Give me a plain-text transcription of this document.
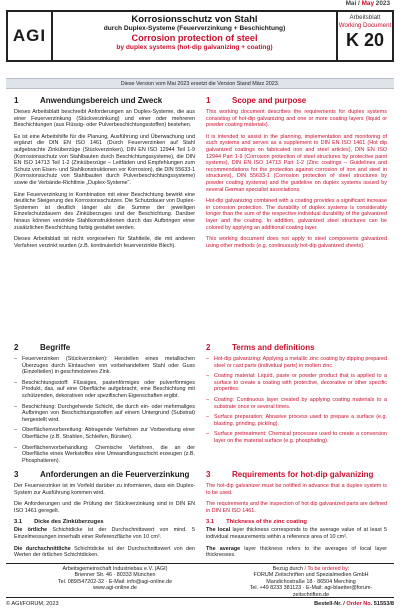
Mai / May 2023
AGI
Korrosionsschutz von Stahl
durch Duplex-Systeme (Feuerverzinkung + Beschichtung)
Corrosion protection of steel
by duplex systems (hot-dip galvanizing + coating)
Arbeitsblatt
Working Document
K 20
Diese Version vom Mai 2023 ersetzt die Version Stand März 2023.
1	Anwendungsbereich und Zweck	1	Scope and purpose

Dieses Arbeitsblatt beschreibt Anforderungen an Duplex-Systeme, die aus einer Feuerverzinkung (Stückverzinkung) und einer oder mehreren Beschichtungen (aus Flüssig- oder Pulverbeschichtungsstoffen) bestehen.

Es ist eine Arbeitshilfe für die Planung, Ausführung und Überwachung und ergänzt die DIN EN ISO 1461 (Durch Feuerverzinken auf Stahl aufgebrachte Zinküberzüge (Stückverzinken), DIN EN ISO 12944 Teil 1-9 (Korrosionsschutz von Stahlbauten durch Beschichtungssysteme), die DIN EN ISO 14713 Teil 1-2 (Zinküberzüge – Leitfäden und Empfehlungen zum Schutz von Eisen- und Stahlkonstruktionen vor Korrosion), die DIN 55633-1 (Korrosionsschutz von Stahlbauten durch Pulverbeschichtungssysteme) sowie die Verbände-Richtlinie „Duplex-Systeme“.

Eine Feuerverzinkung in Kombination mit einer Beschichtung bewirkt eine deutliche Steigerung des Korrosionsschutzes. Die Schutzdauer von Duplex-Systemen ist deutlich länger als die Summe der jeweiligen Einzelschutzdauern des Zinküberzuges und der Beschichtung. Darüber hinaus können verzinkte Stahlkonstruktionen durch das Aufbringen einer zusätzlichen Beschichtung farbig gestaltet werden.

Dieses Arbeitsblatt ist nicht vorgesehen für Stahlteile, die mit anderen Verfahren verzinkt wurden (z.B. kontinuierlich feuerverzinkte Blech).

This working document describes the requirements for duplex systems consisting of hot-dip galvanizing and one or more coating layers (liquid or powder coating materials).

It is intended to assist in the planning, implementation and monitoring of such systems and serves as a supplement to DIN EN ISO 1461 (Hot dip galvanized coatings on fabricated iron and steel articles), DIN EN ISO 12944 Part 1-9 (Corrosion protection of steel structures by protective paint systems), DIN EN ISO 14713 Part 1-2 (Zinc coatings – Guidelines and recommendations for the protection against corrosion of iron and steel in structures), DIN 55633-1 (Corrosion protection of steel structures by powder coating systems) and the guideline on duplex systems issued by several German specialist associations.

Hot-dip galvanizing combined with a coating provides a significant increase in corrosion protection. The durability of duplex systems is considerably longer than the sum of the respective individual durability of the galvanized layer and the coating. In addition, galvanized steel structures can be colored by applying an additional coating layer.

This working document does not apply to steel components galvanized using other methods (e.g. continuously hot-dip galvanized sheets).

2	Begriffe	2	Terms and definitions
– Feuerverzinken (Stückverzinken): Herstellen eines metallischen Überzuges durch Eintauchen von vorbehandeltem Stahl oder Guss (Einzelteilen) in geschmolzenes Zink.
– Beschichtungsstoff: Flüssiges, pastenförmiges oder pulverförmiges Produkt, das, auf eine Oberfläche aufgebracht, eine Beschichtung mit schützenden, dekorativen oder spezifischen Eigenschaften ergibt.
– Beschichtung: Durchgehende Schicht, die durch ein- oder mehrmaliges Aufbringen von Beschichtungsstoffen auf einem Untergrund (Substrat) hergestellt wird.
– Oberflächenvorbereitung: Abtragende Verfahren zur Vorbereitung einer Oberfläche (z.B. Strahlen, Schleifen, Bürsten).
– Oberflächenvorbehandlung: Chemische Verfahren, die an der Oberfläche eines Werkstoffes eine Umwandlungsschicht erzeugen (z.B. Phosphatieren).
– Hot-dip galvanizing: Applying a metallic zinc coating by dipping prepared steel or cast parts (individual parts) in molten zinc.
– Coating material: Liquid, paste or powder product that is applied to a surface to create a coating with protective, decorative or other specific properties.
– Coating: Continuous layer created by applying coating materials to a substrate once or several times.
– Surface preparation: Abrasive process used to prepare a surface (e.g. blasting, grinding, pickling).
– Surface pretreatment: Chemical processes used to create a conversion layer on the material surface (e.g. phosphating).
3	Anforderungen an die Feuerverzinkung 3	Requirements for hot-dip galvanizing

Der Feuerverzinker ist im Vorfeld darüber zu informieren, dass ein Duplex-System zur Ausführung kommen wird.

Die Anforderungen und die Prüfung der Stückverzinkung sind in DIN EN ISO 1461 geregelt.

3.1 Dicke des Zinküberzuges

Die örtliche Schichtdicke ist der Durchschnittswert von mind. 5 Einzelmessungen innerhalb einer Referenzfläche von 10 cm².

Die durchschnittliche Schichtdicke ist der Durchschnittswert von den Werten der örtlichen Schichtdicken.

The hot-dip galvanizer must be notified in advance that a duplex system is to be used.

The requirements and the inspection of hot dip galvanized parts are defined in DIN EN ISO 1461.

3.1 Thickness of the zinc coating

The local layer thickness corresponds to the average value of at least 5 individual measurements within a reference area of 10 cm².

The average layer thickness refers to the averages of local layer thicknesses.

Arbeitsgemeinschaft Industriebau e.V. (AGI)
Brienner Str. 46 · 80333 München
Tel. 089/547202-32 · E-Mail: info@agi-online.de
www.agi-online.de
Bezug durch / To be ordered by:
FORUM Zeitschriften und Spezialmedien GmbH
Mandichostraße 18 · 86504 Merching
Tel. +49 8233 381123 · E-Mail: agi-blaetter@forum-zeitschriften.de
© AGI/FORUM, 2023	Bestell-Nr. / Order No. 51553/8
